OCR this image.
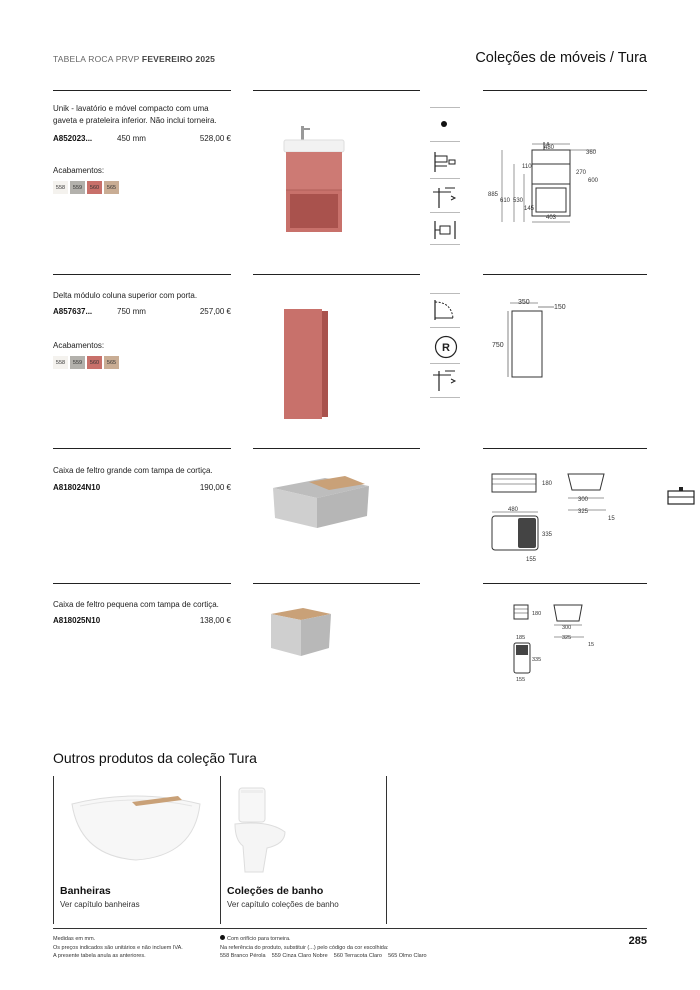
TABELA ROCA PRVP FEVEREIRO 2025	Coleções de móveis / Tura
Unik - lavatório e móvel compacto com uma gaveta e prateleira inferior. Não inclui torneira.
A852023...	450 mm	528,00 €
Acabamentos:
558	559	560	565
480
360
110
270
600
885
610 530
145
403
Delta módulo coluna superior com porta.
A857637...	750 mm	257,00 €
Acabamentos:
558	559	560	565
R
350
150
750
Caixa de feltro grande com tampa de cortiça.
A818024N10	190,00 €	180
300
325
15
480
335
155
Caixa de feltro pequena com tampa de cortiça.
A818025N10	138,00 €
180
300
325
15
185
335
155
Outros produtos da coleção Tura
Banheiras
Ver capítulo banheiras
Coleções de banho
Ver capítulo coleções de banho
Medidas em mm.
Os preços indicados são unitários e não incluem IVA.
A presente tabela anula as anteriores.
Com orifício para torneira.
Na referência do produto, substituir (...) pelo código da cor escolhida:
558 Branco Pérola 559 Cinza Claro Nobre 560 Terracota Claro 565 Olmo Claro
285
